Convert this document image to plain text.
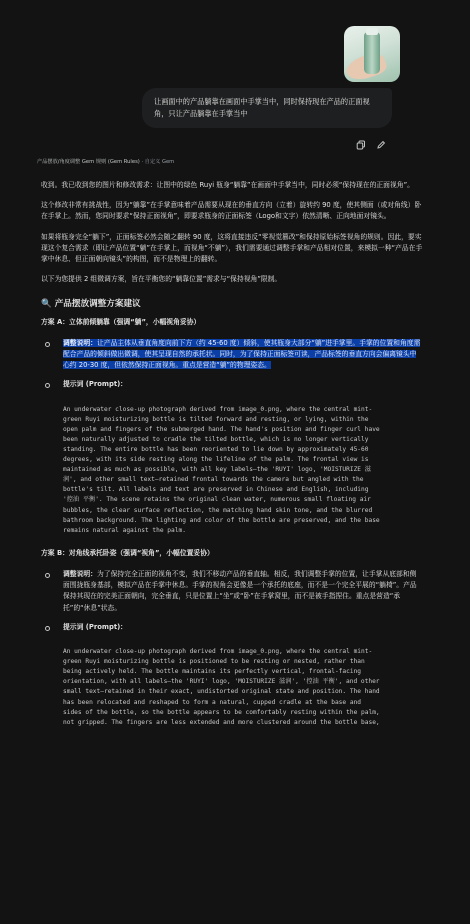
让画面中的产品躺靠在画面中手掌当中，同时保持现在产品的正面视角，只让产品躺靠在手掌当中
产品摆放/角度调整 Gem 规则 (Gem Rules) · 自定义 Gem

收到。我已收到您的图片和修改需求：让图中的绿色 Ruyi 瓶身“躺靠”在画面中手掌当中，同时必须“保持现在的正面视角”。

这个修改非常有挑战性，因为“躺靠”在手掌意味着产品需要从现在的垂直方向（立着）旋转约 90 度，使其侧面（或对角线）卧在手掌上。然而，您同时要求“保持正面视角”，即要求瓶身的正面标签（Logo和文字）依然清晰、正向地面对镜头。

如果将瓶身完全“躺下”，正面标签必然会随之翻转 90 度，这将直接违反“零视觉篡改”和保持原始标签视角的规则。因此，要实现这个复合需求（即让产品位置“躺”在手掌上，而视角“不躺”），我们需要通过调整手掌和产品相对位置，来模拟一种“产品在手掌中休息、但正面朝向镜头”的构图，而不是物理上的翻转。

以下为您提供 2 组微调方案，旨在平衡您的“躺靠位置”需求与“保持视角”限制。

🔍 产品摆放调整方案建议
方案 A：立体前倾躺靠（强调“躺”，小幅视角妥协）
调整说明：让产品主体从垂直角度向前下方（约 45-60 度）倾斜，使其瓶身大部分“躺”进手掌里。手掌的位置和角度需配合产品的倾斜做出微调，使其呈现自然的承托状。同时，为了保持正面标签可读，产品标签的垂直方向会偏离镜头中心约 20-30 度，但依然保持正面视角。重点是营造“躺”的物理姿态。
提示词 (Prompt)：
An underwater close-up photograph derived from image_0.png, where the central mint-green Ruyi moisturizing bottle is tilted forward and resting, or lying, within the open palm and fingers of the submerged hand. The hand's position and finger curl have been naturally adjusted to cradle the tilted bottle, which is no longer vertically standing. The entire bottle has been reoriented to lie down by approximately 45-60 degrees, with its side resting along the lifeline of the palm. The frontal view is maintained as much as possible, with all key labels—the 'RUYI' logo, 'MOISTURIZE 滋润', and other small text—retained frontal towards the camera but angled with the bottle's tilt. All labels and text are preserved in Chinese and English, including '控油 平衡'. The scene retains the original clean water, numerous small floating air bubbles, the clear surface reflection, the matching hand skin tone, and the blurred bathroom background. The lighting and color of the bottle are preserved, and the base remains natural against the palm.
方案 B：对角线承托卧姿（强调“视角”，小幅位置妥协）
调整说明：为了保持完全正面的视角不变，我们不移动产品的垂直轴。相反，我们调整手掌的位置，让手掌从底部和侧面围拢瓶身基部，模拟产品在手掌中休息。手掌的视角会更像是一个承托的底座，而不是一个完全平展的“躺椅”。产品保持其现在的完美正面朝向，完全垂直，只是位置上“坐”或“卧”在手掌窝里，而不是被手指捏住。重点是营造“承托”的“休息”状态。
提示词 (Prompt)：
An underwater close-up photograph derived from image_0.png, where the central mint-green Ruyi moisturizing bottle is positioned to be resting or nested, rather than being actively held. The bottle maintains its perfectly vertical, frontal-facing orientation, with all labels—the 'RUYI' logo, 'MOISTURIZE 滋润', '控油 平衡', and other small text—retained in their exact, undistorted original state and position. The hand has been relocated and reshaped to form a natural, cupped cradle at the base and sides of the bottle, so the bottle appears to be comfortably resting within the palm, not gripped. The fingers are less extended and more clustered around the bottle base,
